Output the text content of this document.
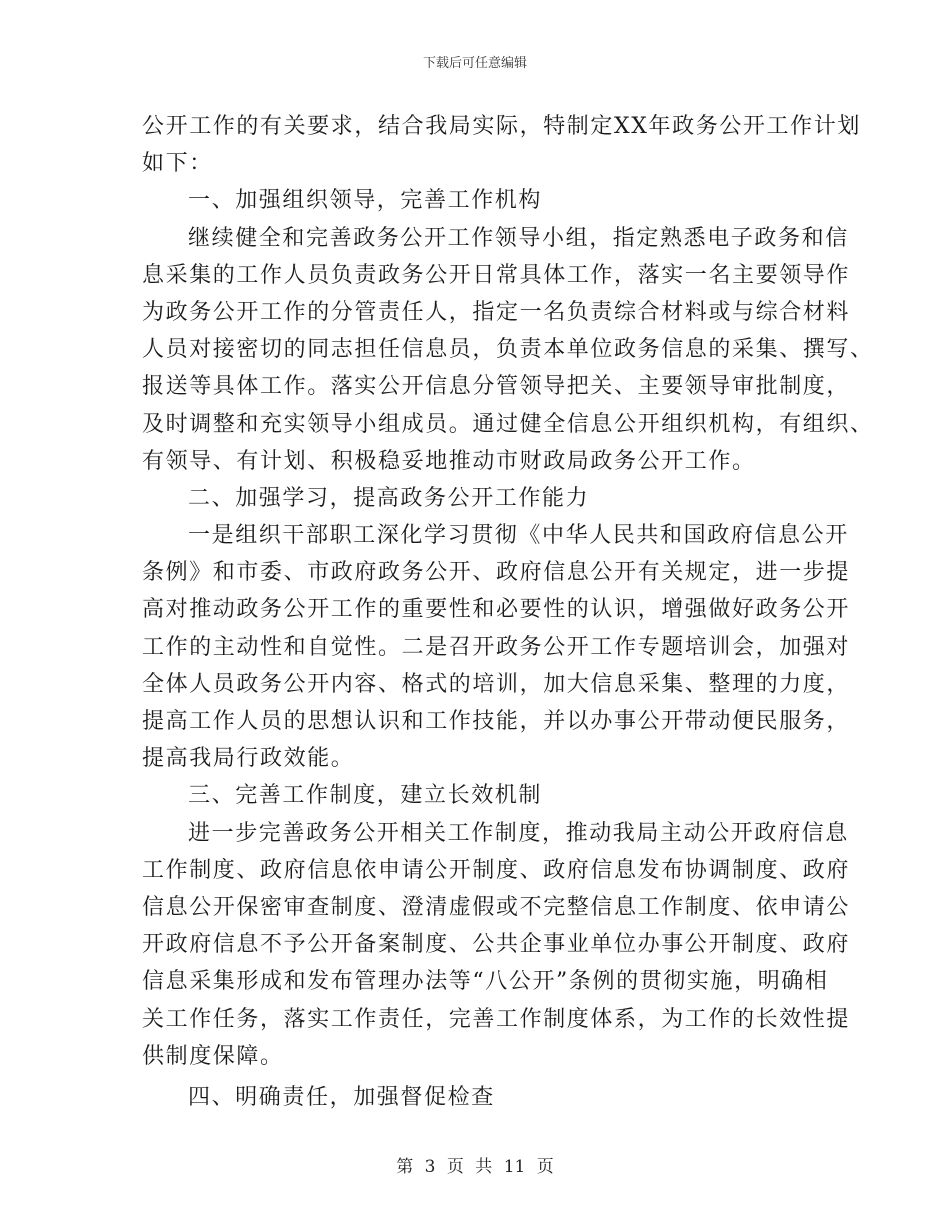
下载后可任意编辑
公开工作的有关要求，结合我局实际，特制定XX年政务公开工作计划
如下：
一、加强组织领导，完善工作机构
继续健全和完善政务公开工作领导小组，指定熟悉电子政务和信
息采集的工作人员负责政务公开日常具体工作，落实一名主要领导作
为政务公开工作的分管责任人，指定一名负责综合材料或与综合材料
人员对接密切的同志担任信息员，负责本单位政务信息的采集、撰写、
报送等具体工作。落实公开信息分管领导把关、主要领导审批制度，
及时调整和充实领导小组成员。通过健全信息公开组织机构，有组织、
有领导、有计划、积极稳妥地推动市财政局政务公开工作。
二、加强学习，提高政务公开工作能力
一是组织干部职工深化学习贯彻《中华人民共和国政府信息公开
条例》和市委、市政府政务公开、政府信息公开有关规定，进一步提
高对推动政务公开工作的重要性和必要性的认识，增强做好政务公开
工作的主动性和自觉性。二是召开政务公开工作专题培训会，加强对
全体人员政务公开内容、格式的培训，加大信息采集、整理的力度，
提高工作人员的思想认识和工作技能，并以办事公开带动便民服务，
提高我局行政效能。
三、完善工作制度，建立长效机制
进一步完善政务公开相关工作制度，推动我局主动公开政府信息
工作制度、政府信息依申请公开制度、政府信息发布协调制度、政府
信息公开保密审查制度、澄清虚假或不完整信息工作制度、依申请公
开政府信息不予公开备案制度、公共企事业单位办事公开制度、政府
信息采集形成和发布管理办法等“八公开”条例的贯彻实施，明确相
关工作任务，落实工作责任，完善工作制度体系，为工作的长效性提
供制度保障。
四、明确责任，加强督促检查
第 3 页 共 11 页
